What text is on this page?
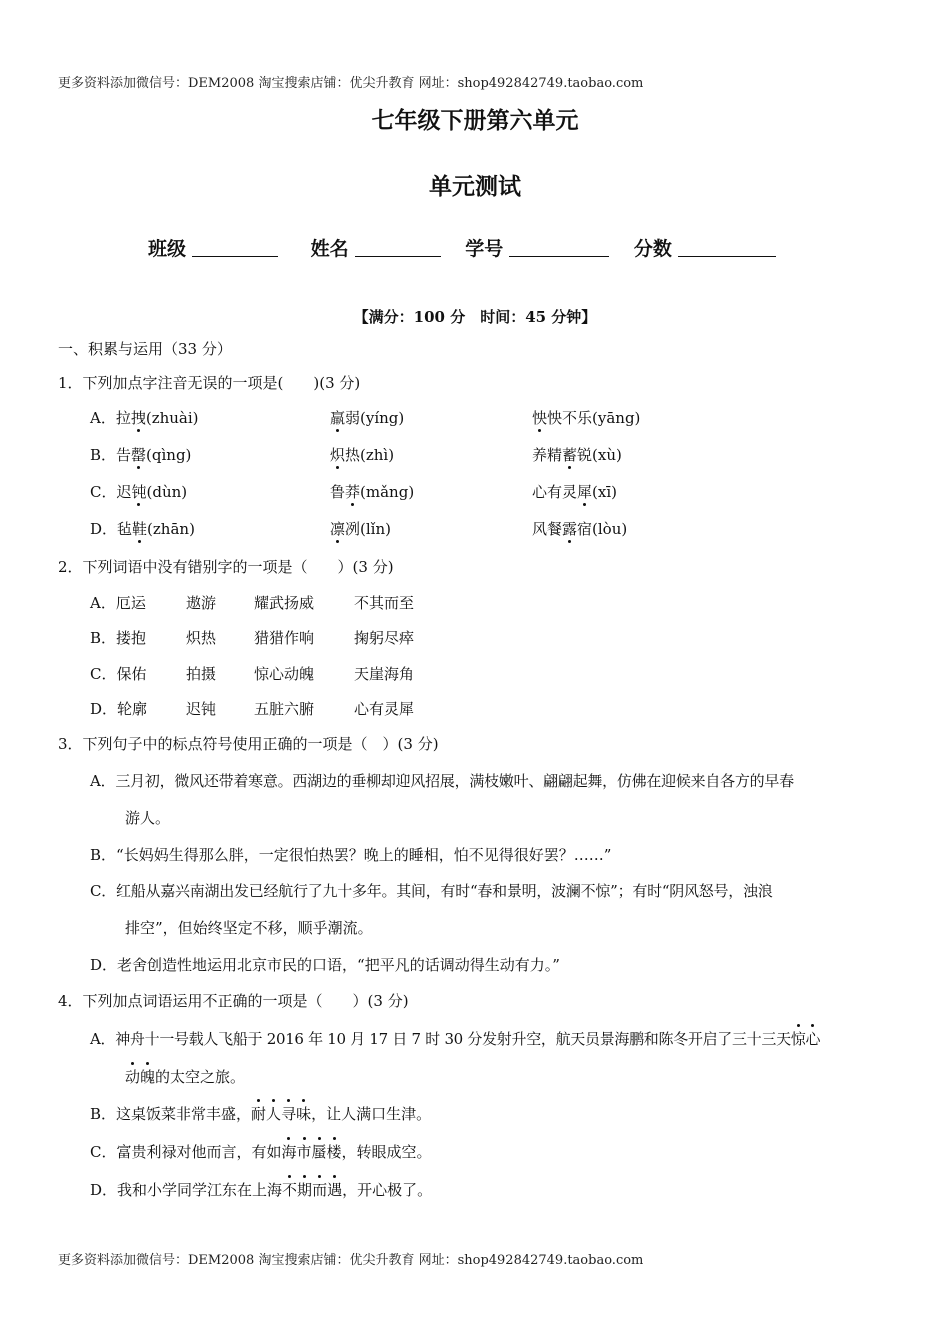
更多资料添加微信号：DEM2008 淘宝搜索店铺：优尖升教育 网址：shop492842749.taobao.com
七年级下册第六单元
单元测试
班级	姓名	学号	分数
【满分：100 分　时间：45 分钟】
一、积累与运用（33 分）
1．下列加点字注音无误的一项是(　　)(3 分)
A．拉拽(zhuài)	羸弱(yíng)	怏怏不乐(yāng)
B．告罄(qìng)	炽热(zhì)	养精蓄锐(xù)
C．迟钝(dùn)	鲁莽(mǎng)	心有灵犀(xī)
D．毡鞋(zhān)	凛冽(lǐn)	风餐露宿(lòu)
2．下列词语中没有错别字的一项是（　　）(3 分)
A．厄运	遨游	耀武扬威	不其而至
B．搂抱	炽热	猎猎作响	掬躬尽瘁
C．保佑	拍摄	惊心动魄	天崖海角
D．轮廓	迟钝	五脏六腑	心有灵犀
3．下列句子中的标点符号使用正确的一项是（　）(3 分)
A．三月初，微风还带着寒意。西湖边的垂柳却迎风招展，满枝嫩叶、翩翩起舞，仿佛在迎候来自各方的早春
游人。
B．“长妈妈生得那么胖，一定很怕热罢？晚上的睡相，怕不见得很好罢？……”
C．红船从嘉兴南湖出发已经航行了九十多年。其间，有时“春和景明，波澜不惊”；有时“阴风怒号，浊浪
排空”，但始终坚定不移，顺乎潮流。
D．老舍创造性地运用北京市民的口语，“把平凡的话调动得生动有力。”
4．下列加点词语运用不正确的一项是（　　）(3 分)
A．神舟十一号载人飞船于 2016 年 10 月 17 日 7 时 30 分发射升空，航天员景海鹏和陈冬开启了三十三天惊心
动魄的太空之旅。
B．这桌饭菜非常丰盛，耐人寻味，让人满口生津。
C．富贵利禄对他而言，有如海市蜃楼，转眼成空。
D．我和小学同学江东在上海不期而遇，开心极了。
更多资料添加微信号：DEM2008 淘宝搜索店铺：优尖升教育 网址：shop492842749.taobao.com
